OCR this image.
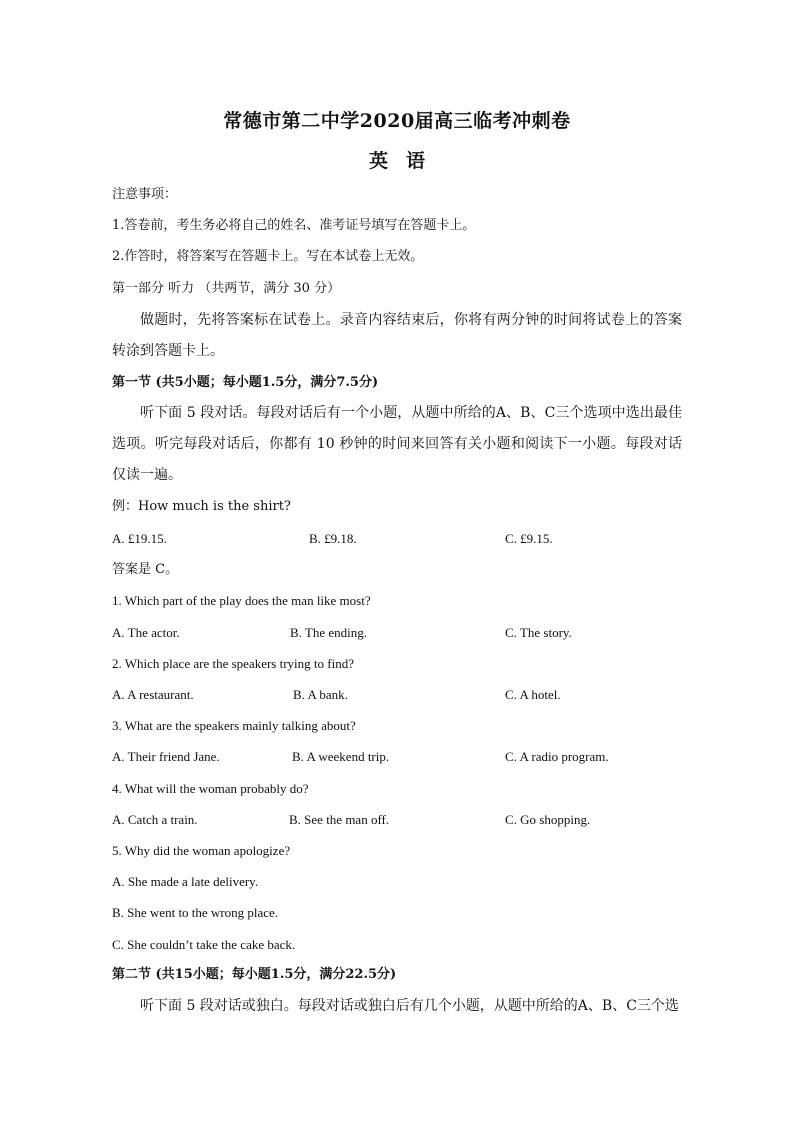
常德市第二中学2020届高三临考冲刺卷
英语
注意事项：
1.答卷前，考生务必将自己的姓名、准考证号填写在答题卡上。
2.作答时，将答案写在答题卡上。写在本试卷上无效。
第一部分 听力 （共两节，满分 30 分）
做题时，先将答案标在试卷上。录音内容结束后，你将有两分钟的时间将试卷上的答案转涂到答题卡上。
第一节 (共5小题；每小题1.5分，满分7.5分)
听下面 5 段对话。每段对话后有一个小题，从题中所给的A、B、C三个选项中选出最佳选项。听完每段对话后，你都有 10 秒钟的时间来回答有关小题和阅读下一小题。每段对话仅读一遍。
例：How much is the shirt?
A. £19.15.	B. £9.18.	C. £9.15.
答案是 C。
1. Which part of the play does the man like most?
A. The actor.	B. The ending.	C. The story.
2. Which place are the speakers trying to find?
A. A restaurant.	B. A bank.	C. A hotel.
3. What are the speakers mainly talking about?
A. Their friend Jane.	B. A weekend trip.	C. A radio program.
4. What will the woman probably do?
A. Catch a train.	B. See the man off.	C. Go shopping.
5. Why did the woman apologize?
A. She made a late delivery.
B. She went to the wrong place.
C. She couldn’t take the cake back.
第二节 (共15小题；每小题1.5分，满分22.5分)
听下面 5 段对话或独白。每段对话或独白后有几个小题，从题中所给的A、B、C三个选
